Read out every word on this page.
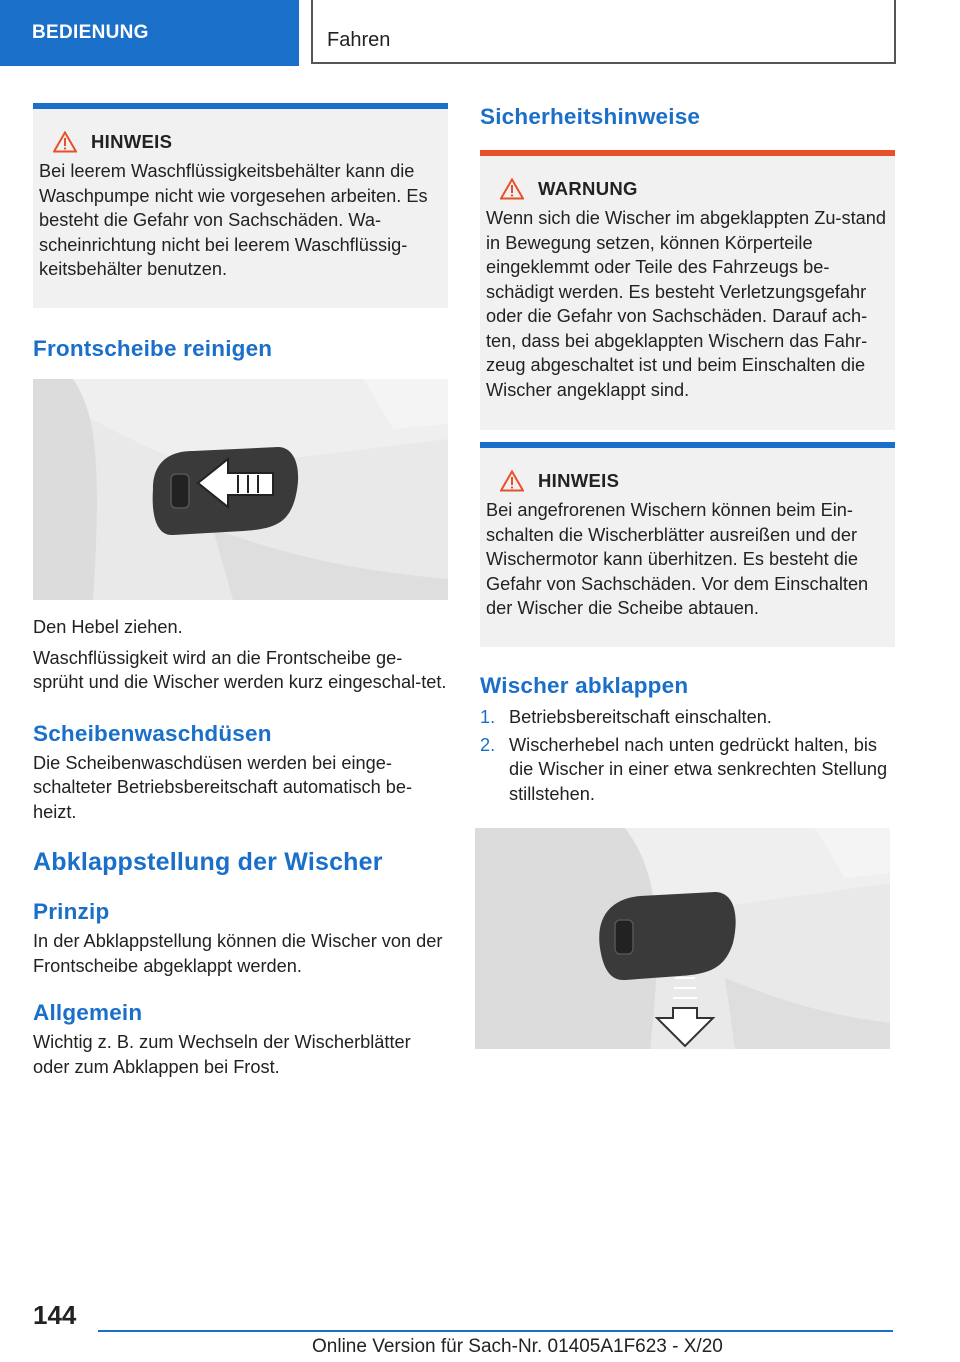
BEDIENUNG	Fahren
HINWEIS
Bei leerem Waschflüssigkeitsbehälter kann die Waschpumpe nicht wie vorgesehen arbeiten. Es besteht die Gefahr von Sachschäden. Wa-scheinrichtung nicht bei leerem Waschflüssig-keitsbehälter benutzen.
Frontscheibe reinigen

Den Hebel ziehen.

Waschflüssigkeit wird an die Frontscheibe ge-sprüht und die Wischer werden kurz eingeschal-tet.

Scheibenwaschdüsen

Die Scheibenwaschdüsen werden bei einge-schalteter Betriebsbereitschaft automatisch be-heizt.

Abklappstellung der Wischer
Prinzip

In der Abklappstellung können die Wischer von der Frontscheibe abgeklappt werden.

Allgemein

Wichtig z. B. zum Wechseln der Wischerblätter oder zum Abklappen bei Frost.

Sicherheitshinweise
WARNUNG
Wenn sich die Wischer im abgeklappten Zu-stand in Bewegung setzen, können Körperteile eingeklemmt oder Teile des Fahrzeugs be-schädigt werden. Es besteht Verletzungsgefahr oder die Gefahr von Sachschäden. Darauf ach-ten, dass bei abgeklappten Wischern das Fahr-zeug abgeschaltet ist und beim Einschalten die Wischer angeklappt sind.
HINWEIS
Bei angefrorenen Wischern können beim Ein-schalten die Wischerblätter ausreißen und der Wischermotor kann überhitzen. Es besteht die Gefahr von Sachschäden. Vor dem Einschalten der Wischer die Scheibe abtauen.
Wischer abklappen
1. Betriebsbereitschaft einschalten.
2. Wischerhebel nach unten gedrückt halten, bis die Wischer in einer etwa senkrechten Stellung stillstehen.
144
Online Version für Sach-Nr. 01405A1F623 - X/20
